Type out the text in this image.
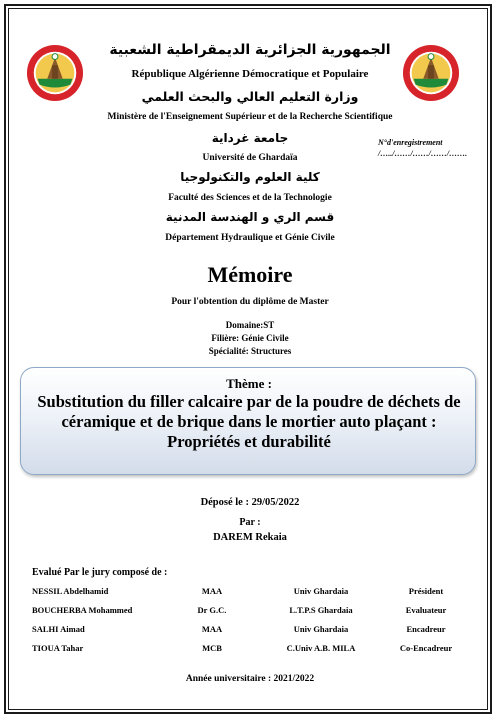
الجمهورية الجزائرية الديمقراطية الشعبية
République Algérienne Démocratique et Populaire
وزارة التعليم العالي والبحث العلمي
Ministère de l'Enseignement Supérieur et de la Recherche Scientifique
جامعة غرداية
Université de Ghardaïa
كلية العلوم والتكنولوجيا
Faculté des Sciences et de la Technologie
قسم الري و الهندسة المدنية
Département Hydraulique et Génie Civile
N°d'enregistrement
/…../……/……/……/…….
Mémoire
Pour l'obtention du diplôme de Master
Domaine:ST
Filière: Génie Civile
Spécialité: Structures
Thème :
Substitution du filler calcaire par de la poudre de déchets de céramique et de brique dans le mortier auto plaçant : Propriétés et durabilité
Déposé le : 29/05/2022
Par :
DAREM Rekaia
Evalué Par le jury composé de :
NESSIL Abdelhamid	MAA	Univ Ghardaia	Président
BOUCHERBA Mohammed	Dr G.C.	L.T.P.S Ghardaia	Evaluateur
SALHI Aimad	MAA	Univ Ghardaia	Encadreur
TIOUA Tahar	MCB	C.Univ A.B. MILA	Co-Encadreur
Année universitaire : 2021/2022
